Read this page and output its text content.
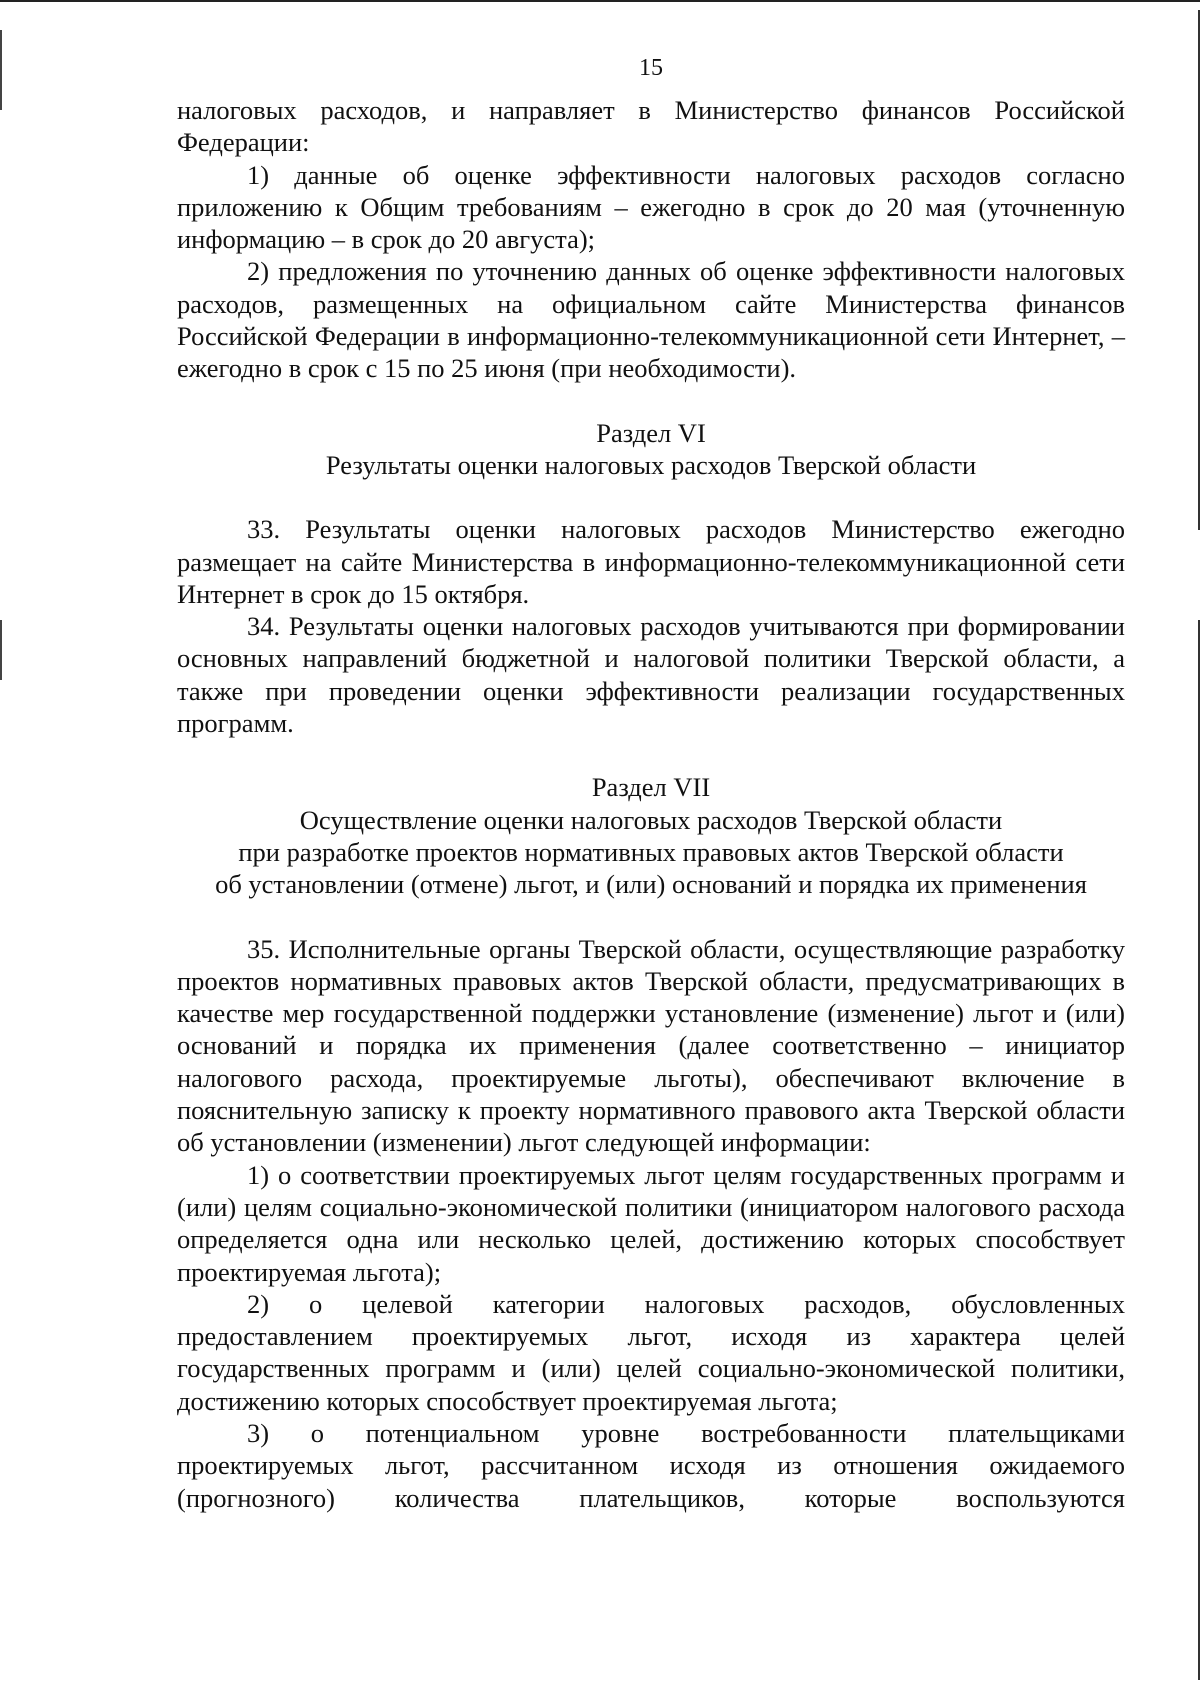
15

налоговых расходов, и направляет в Министерство финансов Российской Федерации:

1) данные об оценке эффективности налоговых расходов согласно приложению к Общим требованиям – ежегодно в срок до 20 мая (уточненную информацию – в срок до 20 августа);

2) предложения по уточнению данных об оценке эффективности налоговых расходов, размещенных на официальном сайте Министерства финансов Российской Федерации в информационно-телекоммуникационной сети Интернет, – ежегодно в срок с 15 по 25 июня (при необходимости).

Раздел VI
Результаты оценки налоговых расходов Тверской области

33. Результаты оценки налоговых расходов Министерство ежегодно размещает на сайте Министерства в информационно-телекоммуникационной сети Интернет в срок до 15 октября.

34. Результаты оценки налоговых расходов учитываются при формировании основных направлений бюджетной и налоговой политики Тверской области, а также при проведении оценки эффективности реализации государственных программ.

Раздел VII
Осуществление оценки налоговых расходов Тверской области
при разработке проектов нормативных правовых актов Тверской области
об установлении (отмене) льгот, и (или) оснований и порядка их применения

35. Исполнительные органы Тверской области, осуществляющие разработку проектов нормативных правовых актов Тверской области, предусматривающих в качестве мер государственной поддержки установление (изменение) льгот и (или) оснований и порядка их применения (далее соответственно – инициатор налогового расхода, проектируемые льготы), обеспечивают включение в пояснительную записку к проекту нормативного правового акта Тверской области об установлении (изменении) льгот следующей информации:

1) о соответствии проектируемых льгот целям государственных программ и (или) целям социально-экономической политики (инициатором налогового расхода определяется одна или несколько целей, достижению которых способствует проектируемая льгота);

2) о целевой категории налоговых расходов, обусловленных предоставлением проектируемых льгот, исходя из характера целей государственных программ и (или) целей социально-экономической политики, достижению которых способствует проектируемая льгота;

3) о потенциальном уровне востребованности плательщиками проектируемых льгот, рассчитанном исходя из отношения ожидаемого (прогнозного) количества плательщиков, которые воспользуются
